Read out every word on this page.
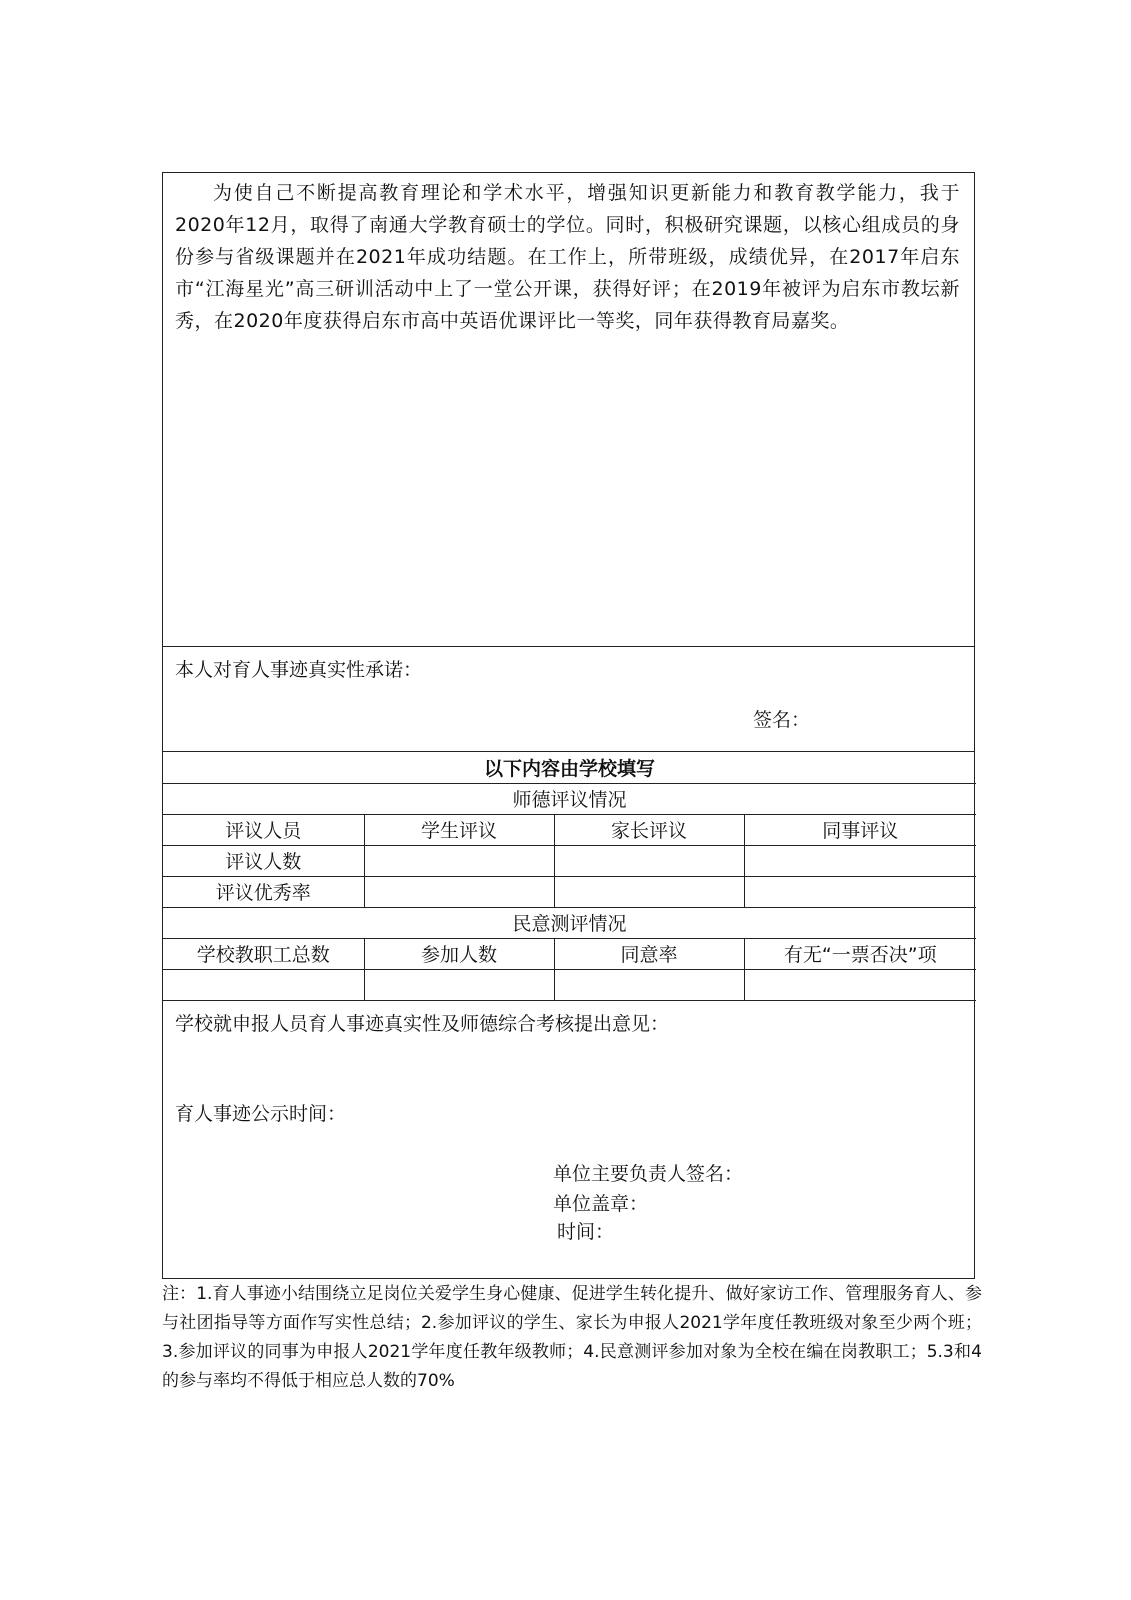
为使自己不断提高教育理论和学术水平，增强知识更新能力和教育教学能力，我于2020年12月，取得了南通大学教育硕士的学位。同时，积极研究课题，以核心组成员的身份参与省级课题并在2021年成功结题。在工作上，所带班级，成绩优异，在2017年启东市“江海星光”高三研训活动中上了一堂公开课，获得好评；在2019年被评为启东市教坛新秀，在2020年度获得启东市高中英语优课评比一等奖，同年获得教育局嘉奖。

本人对育人事迹真实性承诺：
签名：
以下内容由学校填写			
师德评议情况			
评议人员	学生评议	家长评议	同事评议
评议人数			
评议优秀率			
民意测评情况			
学校教职工总数	参加人数	同意率	有无“一票否决”项

学校就申报人员育人事迹真实性及师德综合考核提出意见：
育人事迹公示时间：
单位主要负责人签名：
单位盖章：
时间：

注：1.育人事迹小结围绕立足岗位关爱学生身心健康、促进学生转化提升、做好家访工作、管理服务育人、参与社团指导等方面作写实性总结；2.参加评议的学生、家长为申报人2021学年度任教班级对象至少两个班；3.参加评议的同事为申报人2021学年度任教年级教师；4.民意测评参加对象为全校在编在岗教职工；5.3和4的参与率均不得低于相应总人数的70%
